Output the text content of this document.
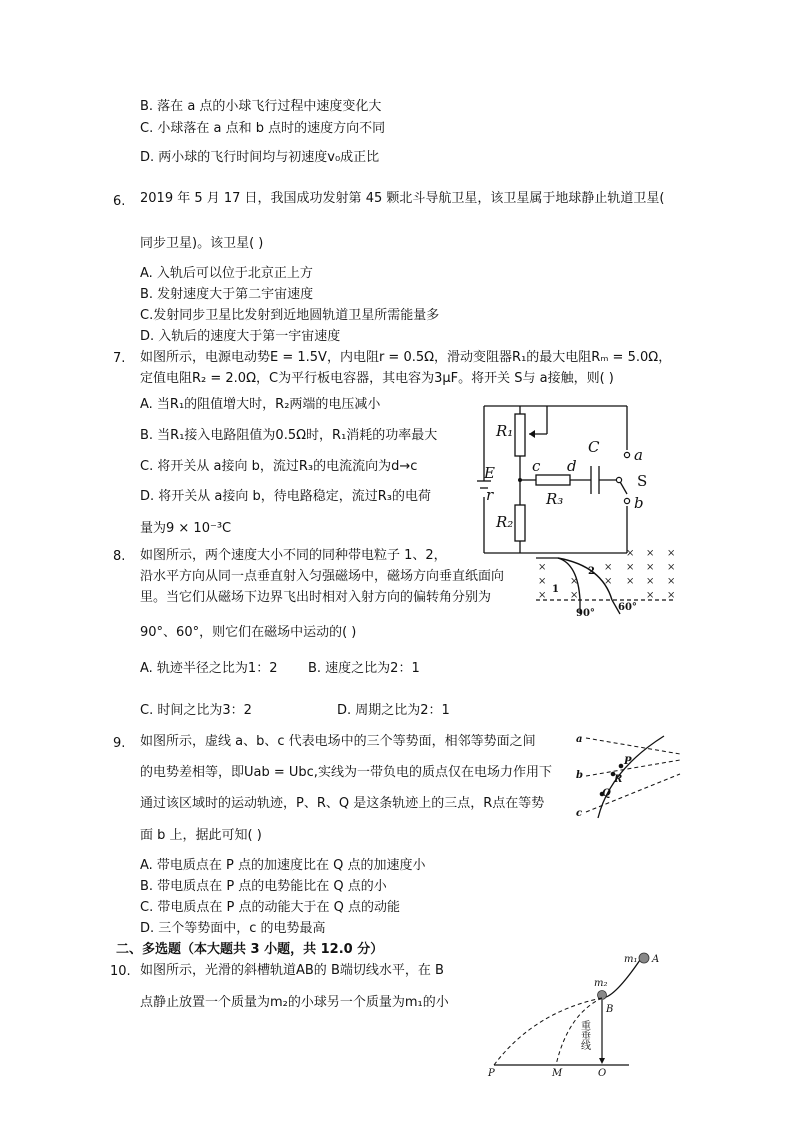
B. 落在 a 点的小球飞行过程中速度变化大
C. 小球落在 a 点和 b 点时的速度方向不同
D. 两小球的飞行时间均与初速度v₀成正比
6. 2019 年 5 月 17 日，我国成功发射第 45 颗北斗导航卫星，该卫星属于地球静止轨道卫星(
同步卫星)。该卫星( )
A. 入轨后可以位于北京正上方
B. 发射速度大于第二宇宙速度
C.发射同步卫星比发射到近地圆轨道卫星所需能量多
D. 入轨后的速度大于第一宇宙速度
7. 如图所示，电源电动势E = 1.5V，内电阻r = 0.5Ω，滑动变阻器R₁的最大电阻Rₘ = 5.0Ω，
定值电阻R₂ = 2.0Ω，C为平行板电容器，其电容为3μF。将开关 S与 a接触，则( )
A. 当R₁的阻值增大时，R₂两端的电压减小
B. 当R₁接入电路阻值为0.5Ω时，R₁消耗的功率最大
C. 将开关从 a接向 b，流过R₃的电流流向为d→c
D. 将开关从 a接向 b，待电路稳定，流过R₃的电荷
量为9 × 10⁻³C
R₁
R₂
R₃
C
c d
a
b
S
E
r
8. 如图所示，两个速度大小不同的同种带电粒子 1、2，
沿水平方向从同一点垂直射入匀强磁场中，磁场方向垂直纸面向
里。当它们从磁场下边界飞出时相对入射方向的偏转角分别为
90°、60°，则它们在磁场中运动的( )
A. 轨迹半径之比为1：2 B. 速度之比为2：1
C. 时间之比为3：2	D. 周期之比为2：1
×
×
×
×
×
×
×
×
×
×
×
×
×
×
×
×
×
×
1
2
90°
60°
9. 如图所示，虚线 a、b、c 代表电场中的三个等势面，相邻等势面之间
的电势差相等，即Uab = Ubc,实线为一带负电的质点仅在电场力作用下
通过该区域时的运动轨迹，P、R、Q 是这条轨迹上的三点，R点在等势
面 b 上，据此可知( )
A. 带电质点在 P 点的加速度比在 Q 点的加速度小
B. 带电质点在 P 点的电势能比在 Q 点的小
C. 带电质点在 P 点的动能大于在 Q 点的动能
D. 三个等势面中，c 的电势最高
a
b
c
P
R
Q
二、多选题（本大题共 3 小题，共 12.0 分）
10. 如图所示，光滑的斜槽轨道AB的 B端切线水平，在 B
点静止放置一个质量为m₂的小球另一个质量为m₁的小
m₁ A
m₂
B
P	M	O
重垂线
